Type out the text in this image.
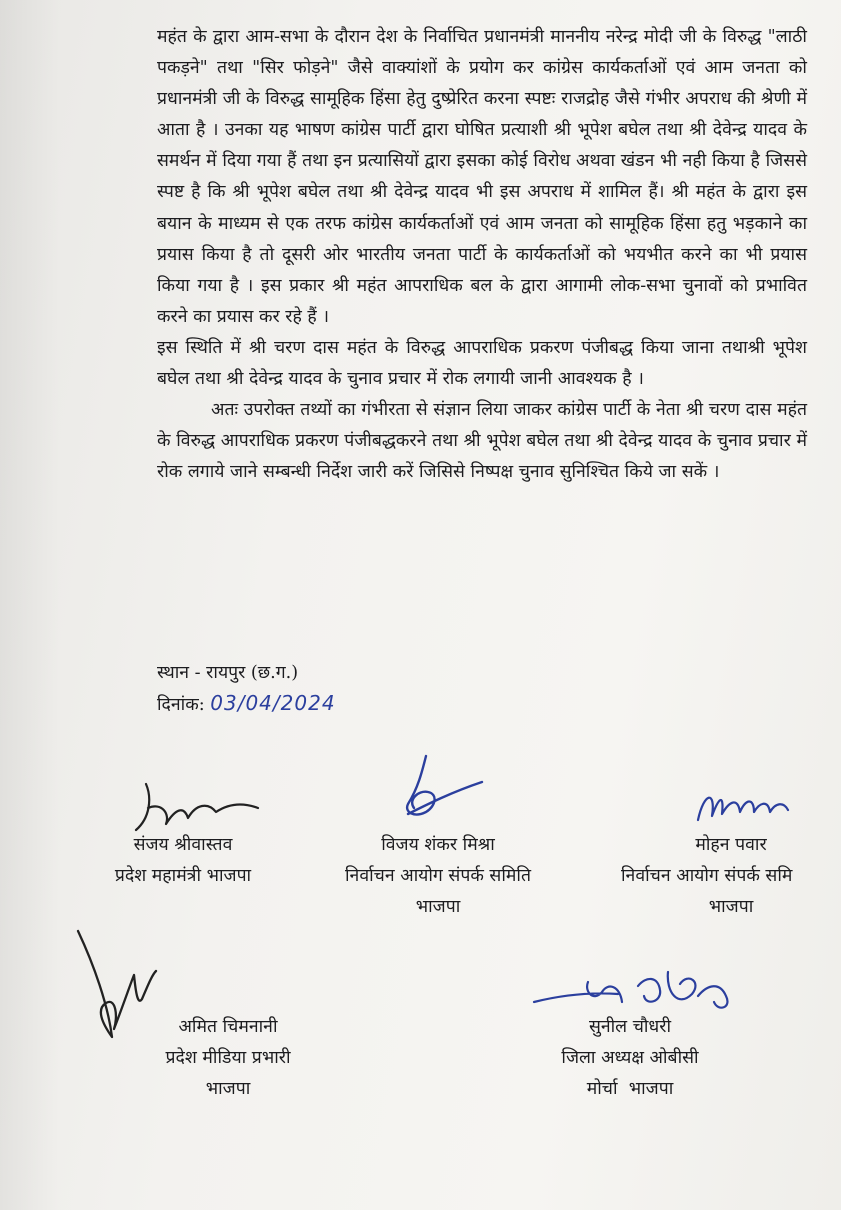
महंत के द्वारा आम-सभा के दौरान देश के निर्वाचित प्रधानमंत्री माननीय नरेन्द्र मोदी जी के विरुद्ध "लाठी पकड़ने" तथा "सिर फोड़ने" जैसे वाक्यांशों के प्रयोग कर कांग्रेस कार्यकर्ताओं एवं आम जनता को प्रधानमंत्री जी के विरुद्ध सामूहिक हिंसा हेतु दुष्प्रेरित करना स्पष्टः राजद्रोह जैसे गंभीर अपराध की श्रेणी में आता है । उनका यह भाषण कांग्रेस पार्टी द्वारा घोषित प्रत्याशी श्री भूपेश बघेल तथा श्री देवेन्द्र यादव के समर्थन में दिया गया हैं तथा इन प्रत्यासियों द्वारा इसका कोई विरोध अथवा खंडन भी नही किया है जिससे स्पष्ट है कि श्री भूपेश बघेल तथा श्री देवेन्द्र यादव भी इस अपराध में शामिल हैं। श्री महंत के द्वारा इस बयान के माध्यम से एक तरफ कांग्रेस कार्यकर्ताओं एवं आम जनता को सामूहिक हिंसा हतु भड़काने का प्रयास किया है तो दूसरी ओर भारतीय जनता पार्टी के कार्यकर्ताओं को भयभीत करने का भी प्रयास किया गया है । इस प्रकार श्री महंत आपराधिक बल के द्वारा आगामी लोक-सभा चुनावों को प्रभावित करने का प्रयास कर रहे हैं ।

इस स्थिति में श्री चरण दास महंत के विरुद्ध आपराधिक प्रकरण पंजीबद्ध किया जाना तथाश्री भूपेश बघेल तथा श्री देवेन्द्र यादव के चुनाव प्रचार में रोक लगायी जानी आवश्यक है ।

अतः उपरोक्त तथ्यों का गंभीरता से संज्ञान लिया जाकर कांग्रेस पार्टी के नेता श्री चरण दास महंत के विरुद्ध आपराधिक प्रकरण पंजीबद्धकरने तथा श्री भूपेश बघेल तथा श्री देवेन्द्र यादव के चुनाव प्रचार में रोक लगाये जाने सम्बन्धी निर्देश जारी करें जिसिसे निष्पक्ष चुनाव सुनिश्चित किये जा सकें ।

स्थान - रायपुर (छ.ग.)
दिनांक: 03/04/2024
संजय श्रीवास्तव
प्रदेश महामंत्री भाजपा
विजय शंकर मिश्रा
निर्वाचन आयोग संपर्क समिति
भाजपा
मोहन पवार
निर्वाचन आयोग संपर्क समि
भाजपा
अमित चिमनानी
प्रदेश मीडिया प्रभारी
भाजपा
सुनील चौधरी
जिला अध्यक्ष ओबीसी
मोर्चा  भाजपा
